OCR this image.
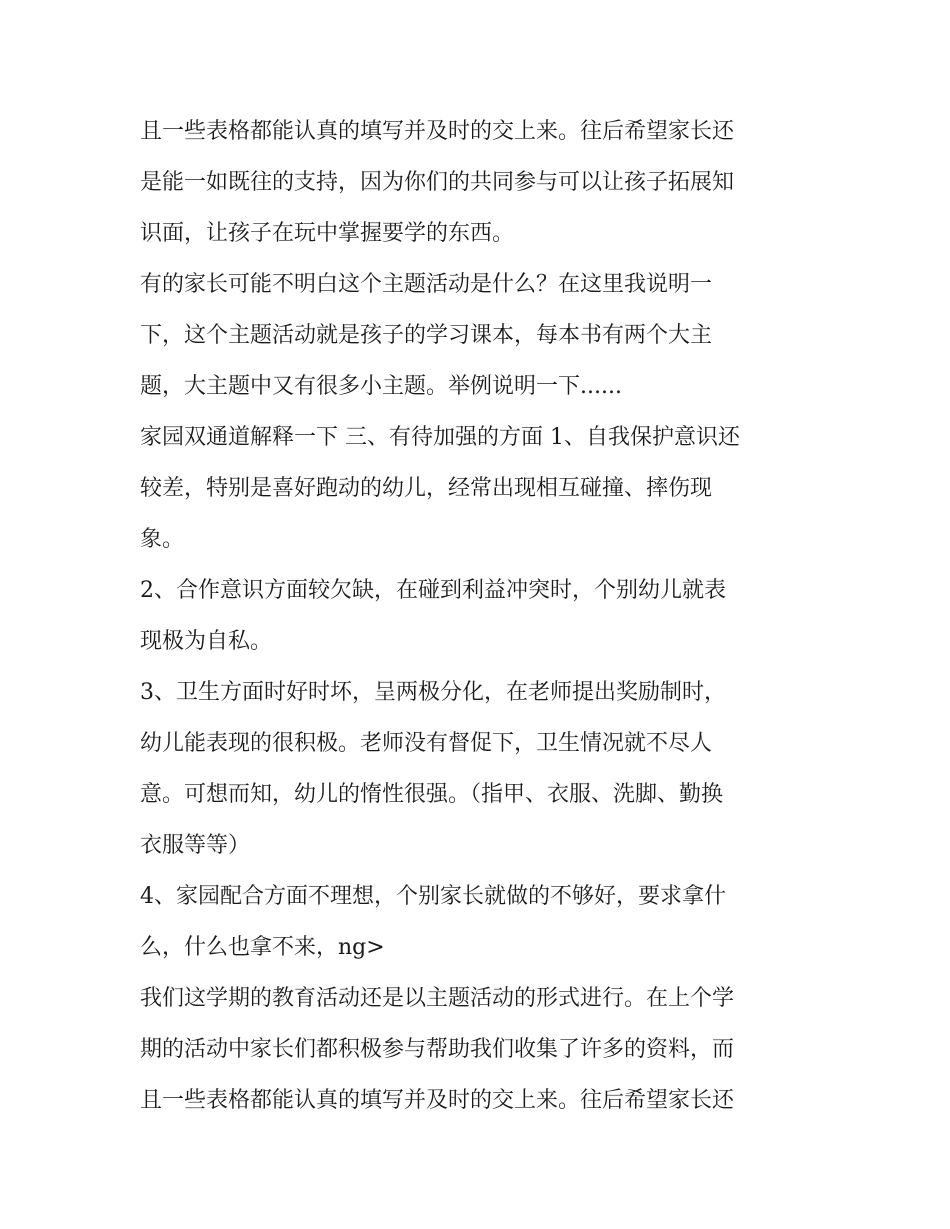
且一些表格都能认真的填写并及时的交上来。往后希望家长还
是能一如既往的支持，因为你们的共同参与可以让孩子拓展知
识面，让孩子在玩中掌握要学的东西。

有的家长可能不明白这个主题活动是什么？在这里我说明一
下，这个主题活动就是孩子的学习课本，每本书有两个大主
题，大主题中又有很多小主题。举例说明一下......

家园双通道解释一下 三、有待加强的方面 1、自我保护意识还
较差，特别是喜好跑动的幼儿，经常出现相互碰撞、摔伤现
象。

2、合作意识方面较欠缺，在碰到利益冲突时，个别幼儿就表
现极为自私。

3、卫生方面时好时坏，呈两极分化，在老师提出奖励制时，
幼儿能表现的很积极。老师没有督促下，卫生情况就不尽人
意。可想而知，幼儿的惰性很强。（指甲、衣服、洗脚、勤换
衣服等等）

4、家园配合方面不理想，个别家长就做的不够好，要求拿什
么，什么也拿不来，ng>

我们这学期的教育活动还是以主题活动的形式进行。在上个学
期的活动中家长们都积极参与帮助我们收集了许多的资料，而
且一些表格都能认真的填写并及时的交上来。往后希望家长还
